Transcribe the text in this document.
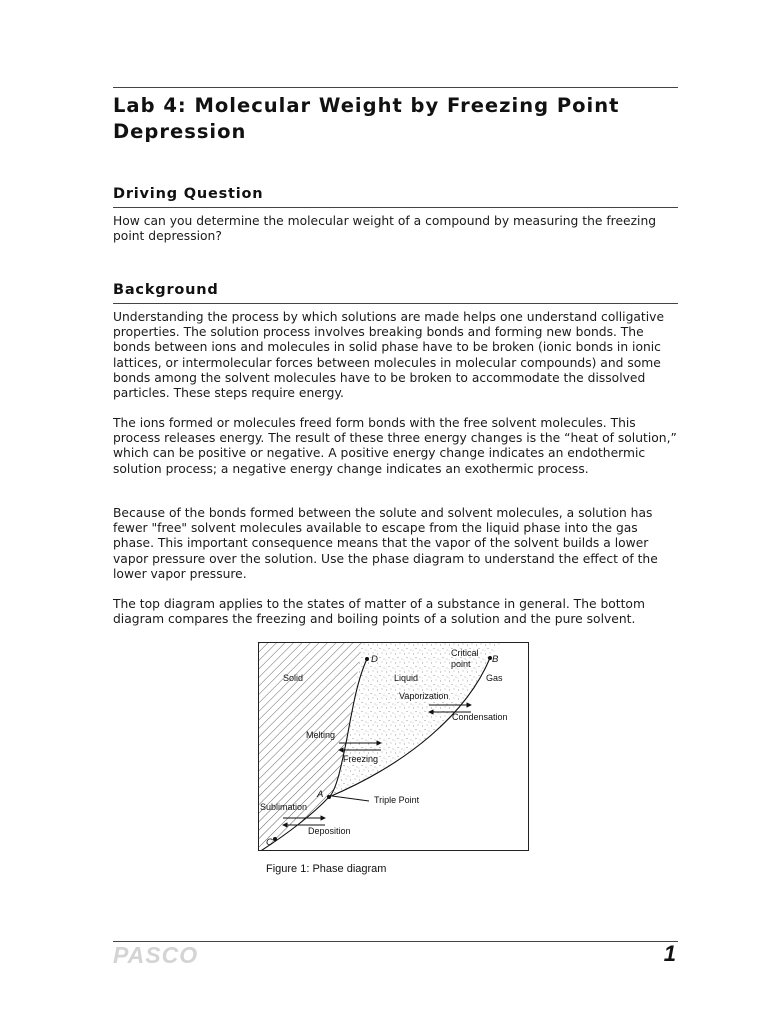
Lab 4: Molecular Weight by Freezing Point Depression
Driving Question

How can you determine the molecular weight of a compound by measuring the freezing point depression?

Background

Understanding the process by which solutions are made helps one understand colligative properties. The solution process involves breaking bonds and forming new bonds. The bonds between ions and molecules in solid phase have to be broken (ionic bonds in ionic lattices, or intermolecular forces between molecules in molecular compounds) and some bonds among the solvent molecules have to be broken to accommodate the dissolved particles. These steps require energy.

The ions formed or molecules freed form bonds with the free solvent molecules. This process releases energy. The result of these three energy changes is the “heat of solution,” which can be positive or negative. A positive energy change indicates an endothermic solution process; a negative energy change indicates an exothermic process.

Because of the bonds formed between the solute and solvent molecules, a solution has fewer "free" solvent molecules available to escape from the liquid phase into the gas phase. This important consequence means that the vapor of the solvent builds a lower vapor pressure over the solution. Use the phase diagram to understand the effect of the lower vapor pressure.

The top diagram applies to the states of matter of a substance in general. The bottom diagram compares the freezing and boiling points of a solution and the pure solvent.

Solid	Liquid	Gas
Critical
point
D	B
A
C
Vaporization
Condensation
Melting
Freezing
Triple Point
Sublimation
Deposition

Figure 1: Phase diagram

PASCO	1
